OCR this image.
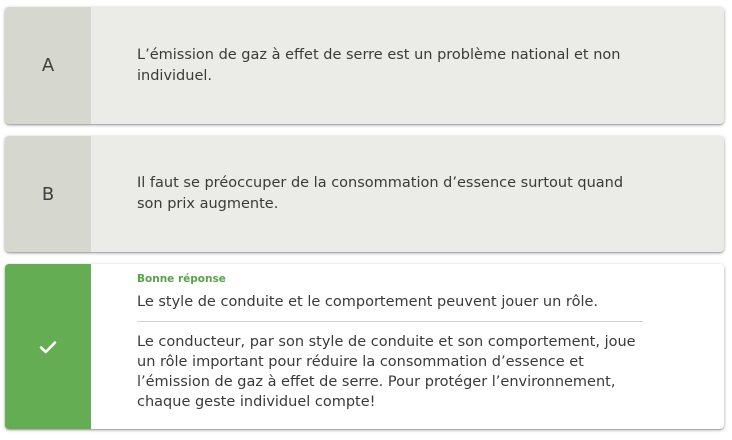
A
L’émission de gaz à effet de serre est un problème national et non individuel.
B
Il faut se préoccuper de la consommation d’essence surtout quand son prix augmente.
Bonne réponse
Le style de conduite et le comportement peuvent jouer un rôle.
Le conducteur, par son style de conduite et son comportement, joue un rôle important pour réduire la consommation d’essence et l’émission de gaz à effet de serre. Pour protéger l’environnement, chaque geste individuel compte!
